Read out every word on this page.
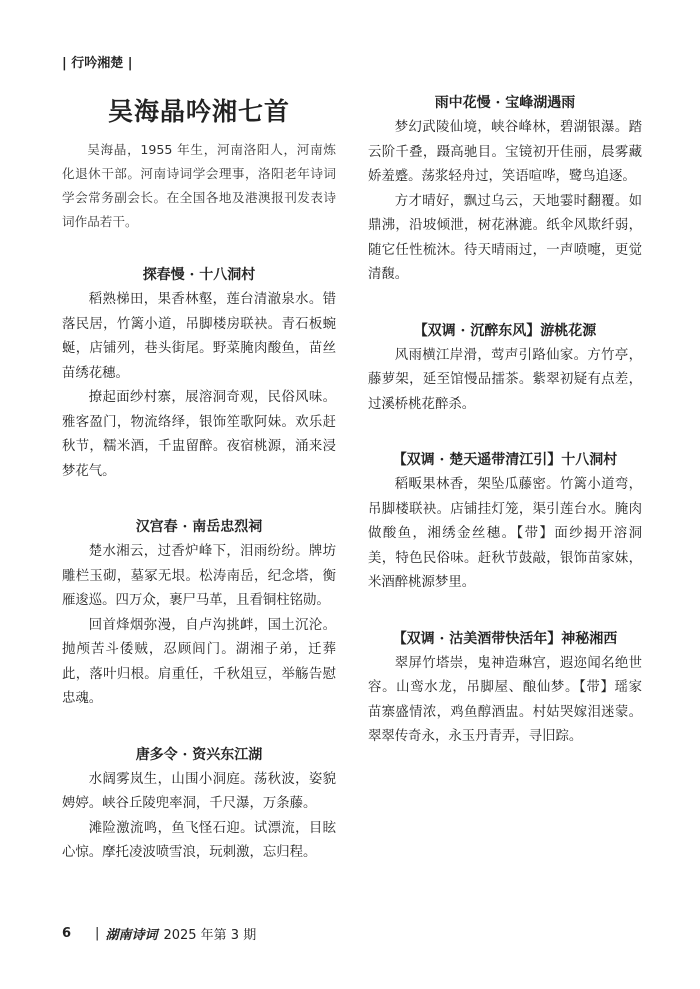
| 行吟湘楚 |
吴海晶吟湘七首

吴海晶，1955 年生，河南洛阳人，河南炼化退休干部。河南诗词学会理事，洛阳老年诗词学会常务副会长。在全国各地及港澳报刊发表诗词作品若干。

探春慢 · 十八洞村

稻熟梯田，果香林壑，莲台清澈泉水。错落民居，竹篱小道，吊脚楼房联袂。青石板蜿蜒，店铺列，巷头街尾。野菜腌肉酸鱼，苗丝苗绣花穗。

撩起面纱村寨，展溶洞奇观，民俗风味。雅客盈门，物流络绎，银饰笙歌阿妹。欢乐赶秋节，糯米酒，千盅留醉。夜宿桃源，涌来浸梦花气。

汉宫春 · 南岳忠烈祠

楚水湘云，过香炉峰下，泪雨纷纷。牌坊雕栏玉砌，墓冢无垠。松涛南岳，纪念塔，衡雁逡巡。四万众，裹尸马革，且看铜柱铭勋。

回首烽烟弥漫，自卢沟挑衅，国土沉沦。抛颅苦斗倭贼，忍顾闾门。湖湘子弟，迁葬此，落叶归根。肩重任，千秋俎豆，举觞告慰忠魂。

唐多令 · 资兴东江湖

水阔雾岚生，山围小洞庭。荡秋波，姿貌娉婷。峡谷丘陵兜率洞，千尺瀑，万条藤。

滩险激流鸣，鱼飞怪石迎。试漂流，目眩心惊。摩托凌波喷雪浪，玩刺激，忘归程。

雨中花慢 · 宝峰湖遇雨

梦幻武陵仙境，峡谷峰林，碧湖银瀑。踏云阶千叠，蹑高驰目。宝镜初开佳丽，晨雾藏娇羞蹙。荡浆轻舟过，笑语喧哗，鹭鸟追逐。

方才晴好，飘过乌云，天地霎时翻覆。如鼎沸，沿坡倾泄，树花淋漉。纸伞风欺纤弱，随它任性梳沐。待天晴雨过，一声喷嚏，更觉清馥。

【双调 · 沉醉东风】游桃花源

风雨横江岸滑，莺声引路仙家。方竹亭，藤萝架，延至馆慢品擂茶。紫翠初疑有点差，过溪桥桃花醉杀。

【双调 · 楚天遥带清江引】十八洞村

稻畈果林香，架坠瓜藤密。竹篱小道弯，吊脚楼联袂。店铺挂灯笼，渠引莲台水。腌肉做酸鱼，湘绣金丝穗。【带】面纱揭开溶洞美，特色民俗味。赶秋节鼓敲，银饰苗家妹，米酒醉桃源梦里。

【双调 · 沽美酒带快活年】神秘湘西

翠屏竹塔崇，鬼神造琳宫，遐迩闻名绝世容。山鸾水龙，吊脚屋、酿仙梦。【带】瑶家苗寨盛情浓，鸡鱼醇酒盅。村姑哭嫁泪迷蒙。翠翠传奇永，永玉丹青弄，寻旧踪。

6 | 湖南诗词 2025 年第 3 期
